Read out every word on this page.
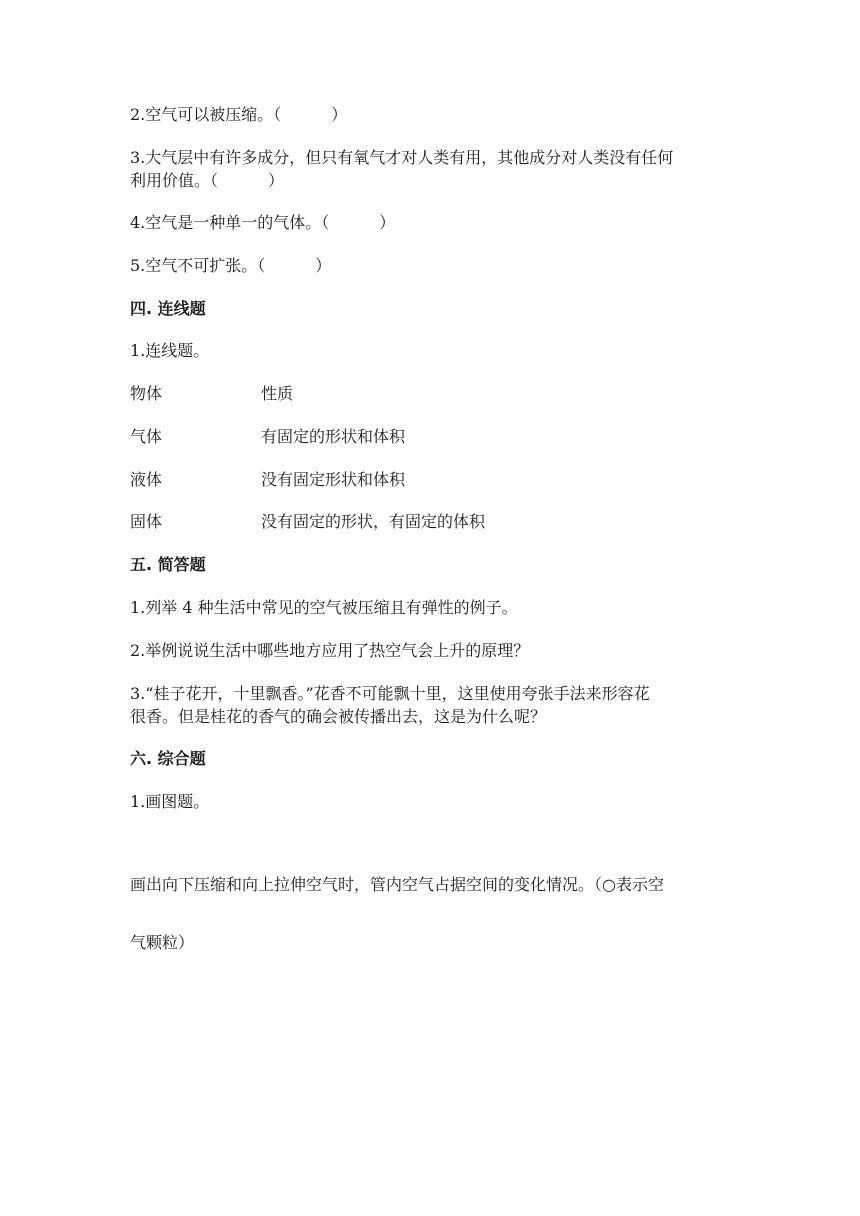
2.空气可以被压缩。（	）
3.大气层中有许多成分，但只有氧气才对人类有用，其他成分对人类没有任何
利用价值。（	）
4.空气是一种单一的气体。（	）
5.空气不可扩张。（	）
四. 连线题
1.连线题。
物体	性质
气体	有固定的形状和体积
液体	没有固定形状和体积
固体	没有固定的形状，有固定的体积
五. 简答题
1.列举 4 种生活中常见的空气被压缩且有弹性的例子。
2.举例说说生活中哪些地方应用了热空气会上升的原理？
3.“桂子花开，十里飘香。”花香不可能飘十里，这里使用夸张手法来形容花
很香。但是桂花的香气的确会被传播出去，这是为什么呢？
六. 综合题
1.画图题。
画出向下压缩和向上拉伸空气时，管内空气占据空间的变化情况。（○表示空
气颗粒）
